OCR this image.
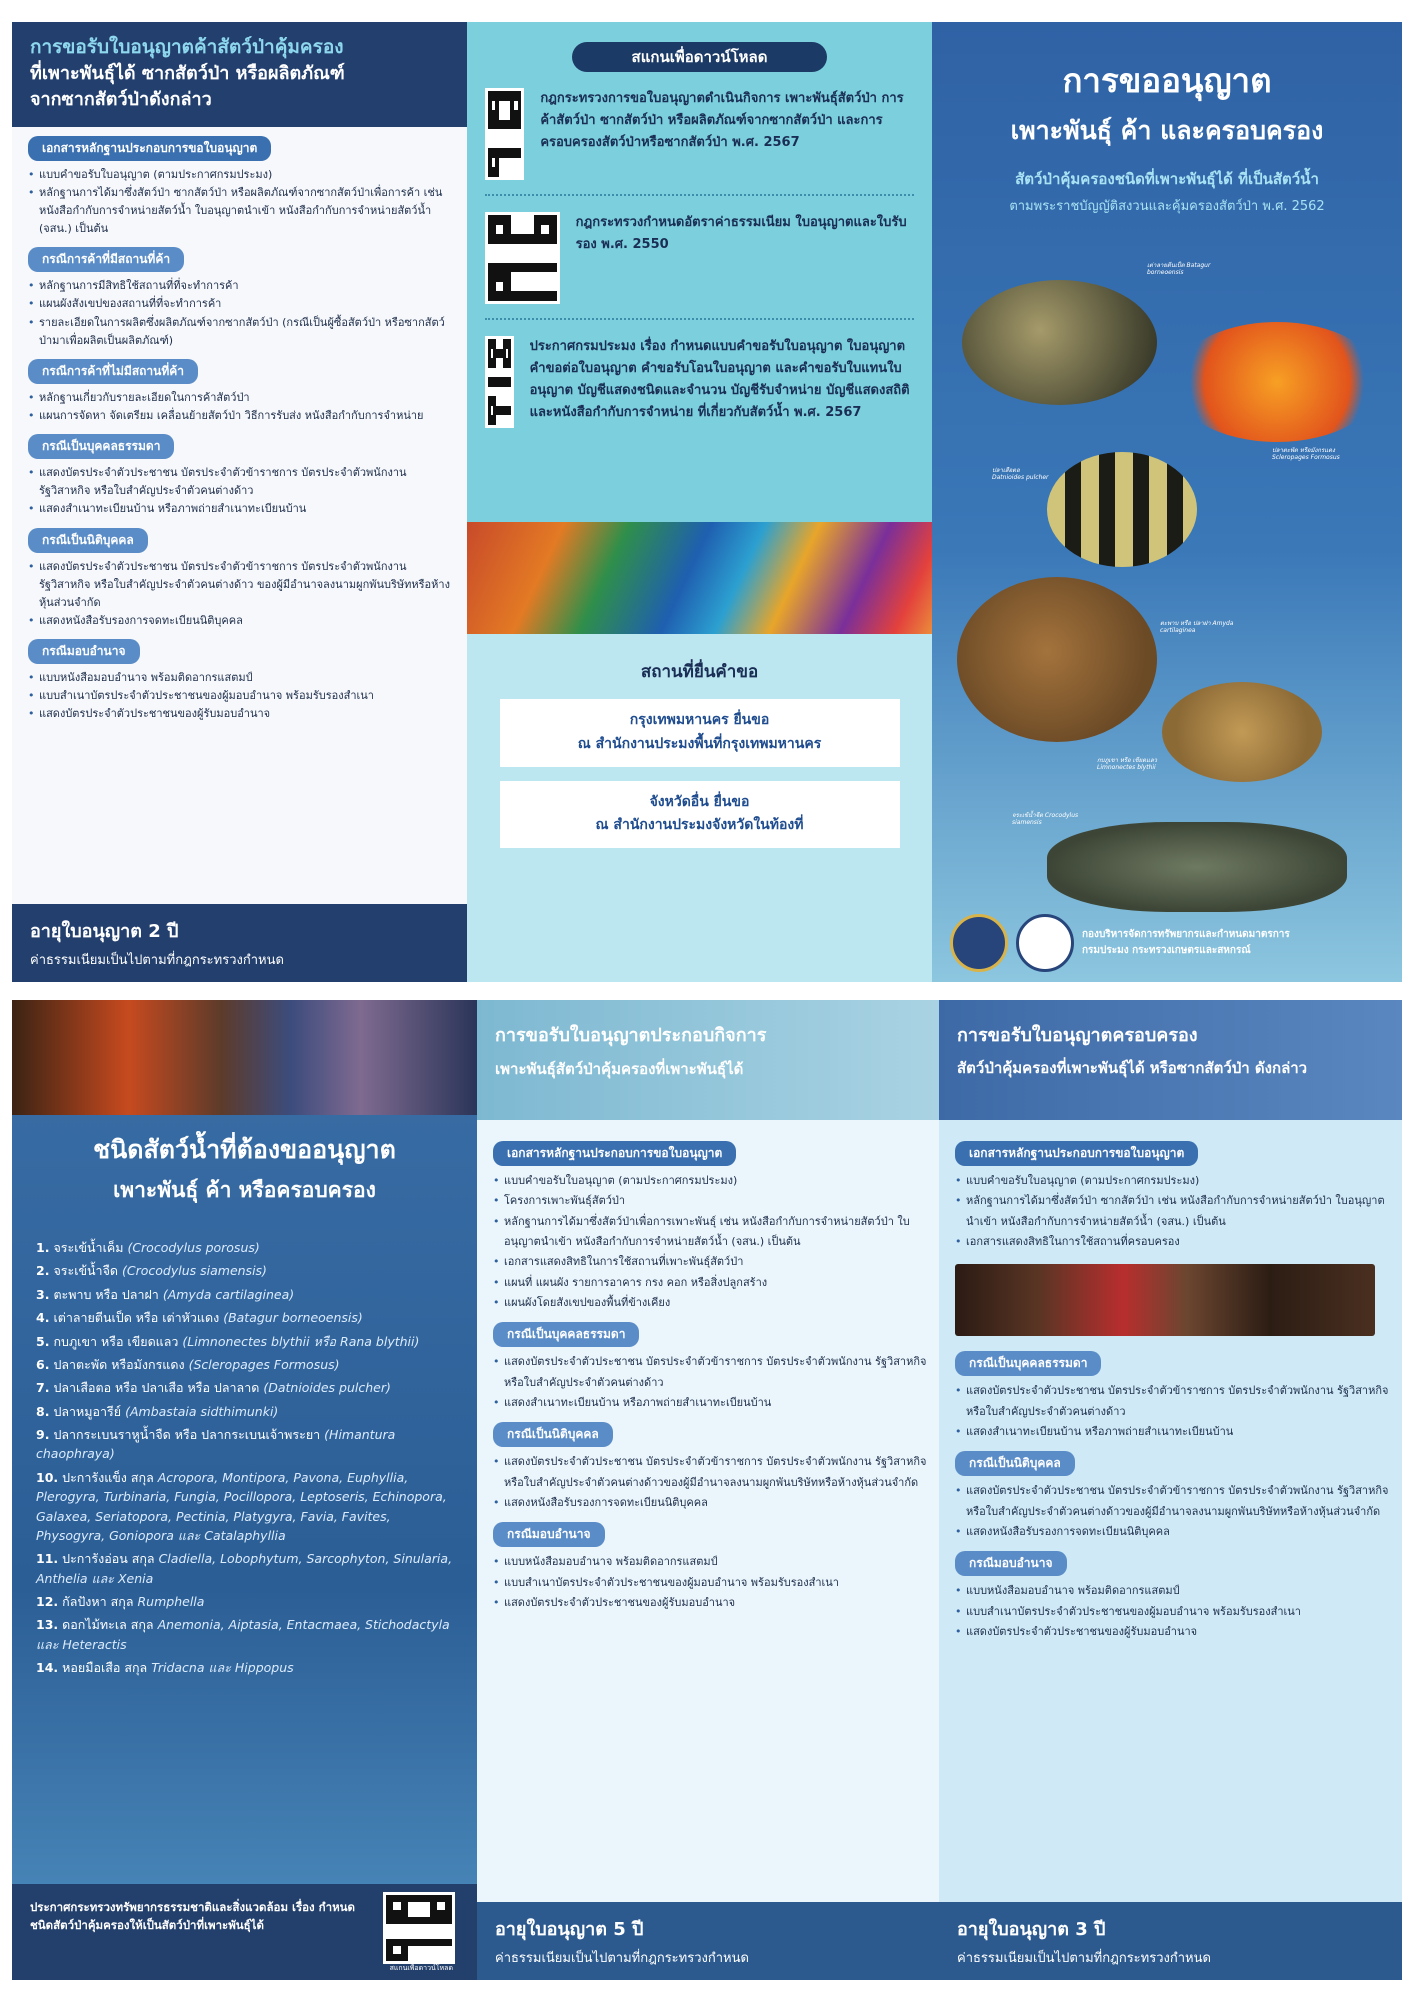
การขอรับใบอนุญาตค้าสัตว์ป่าคุ้มครอง
ที่เพาะพันธุ์ได้ ซากสัตว์ป่า หรือผลิตภัณฑ์
จากซากสัตว์ป่าดังกล่าว
เอกสารหลักฐานประกอบการขอใบอนุญาต
• แบบคำขอรับใบอนุญาต (ตามประกาศกรมประมง)
• หลักฐานการได้มาซึ่งสัตว์ป่า ซากสัตว์ป่า หรือผลิตภัณฑ์จากซากสัตว์ป่าเพื่อการค้า เช่น หนังสือกำกับการจำหน่ายสัตว์น้ำ ใบอนุญาตนำเข้า หนังสือกำกับการจำหน่ายสัตว์น้ำ (จสน.) เป็นต้น
กรณีการค้าที่มีสถานที่ค้า
• หลักฐานการมีสิทธิใช้สถานที่ที่จะทำการค้า
• แผนผังสังเขปของสถานที่ที่จะทำการค้า
• รายละเอียดในการผลิตซึ่งผลิตภัณฑ์จากซากสัตว์ป่า (กรณีเป็นผู้ซื้อสัตว์ป่า หรือซากสัตว์ป่ามาเพื่อผลิตเป็นผลิตภัณฑ์)
กรณีการค้าที่ไม่มีสถานที่ค้า
• หลักฐานเกี่ยวกับรายละเอียดในการค้าสัตว์ป่า
• แผนการจัดหา จัดเตรียม เคลื่อนย้ายสัตว์ป่า วิธีการรับส่ง หนังสือกำกับการจำหน่าย
กรณีเป็นบุคคลธรรมดา
• แสดงบัตรประจำตัวประชาชน บัตรประจำตัวข้าราชการ บัตรประจำตัวพนักงาน รัฐวิสาหกิจ หรือใบสำคัญประจำตัวคนต่างด้าว
• แสดงสำเนาทะเบียนบ้าน หรือภาพถ่ายสำเนาทะเบียนบ้าน
กรณีเป็นนิติบุคคล
• แสดงบัตรประจำตัวประชาชน บัตรประจำตัวข้าราชการ บัตรประจำตัวพนักงาน รัฐวิสาหกิจ หรือใบสำคัญประจำตัวคนต่างด้าว ของผู้มีอำนาจลงนามผูกพันบริษัทหรือห้างหุ้นส่วนจำกัด
• แสดงหนังสือรับรองการจดทะเบียนนิติบุคคล
กรณีมอบอำนาจ
• แบบหนังสือมอบอำนาจ พร้อมติดอากรแสตมป์
• แบบสำเนาบัตรประจำตัวประชาชนของผู้มอบอำนาจ พร้อมรับรองสำเนา
• แสดงบัตรประจำตัวประชาชนของผู้รับมอบอำนาจ
อายุใบอนุญาต 2 ปี
ค่าธรรมเนียมเป็นไปตามที่กฎกระทรวงกำหนด
สแกนเพื่อดาวน์โหลด
กฎกระทรวงการขอใบอนุญาตดำเนินกิจการ เพาะพันธุ์สัตว์ป่า การค้าสัตว์ป่า ซากสัตว์ป่า หรือผลิตภัณฑ์จากซากสัตว์ป่า และการครอบครองสัตว์ป่าหรือซากสัตว์ป่า พ.ศ. 2567
กฎกระทรวงกำหนดอัตราค่าธรรมเนียม ใบอนุญาตและใบรับรอง พ.ศ. 2550
ประกาศกรมประมง เรื่อง กำหนดแบบคำขอรับใบอนุญาต ใบอนุญาตคำขอต่อใบอนุญาต คำขอรับโอนใบอนุญาต และคำขอรับใบแทนใบอนุญาต บัญชีแสดงชนิดและจำนวน บัญชีรับจำหน่าย บัญชีแสดงสถิติ และหนังสือกำกับการจำหน่าย ที่เกี่ยวกับสัตว์น้ำ พ.ศ. 2567
สถานที่ยื่นคำขอ
กรุงเทพมหานคร ยื่นขอ
ณ สำนักงานประมงพื้นที่กรุงเทพมหานคร
จังหวัดอื่น ยื่นขอ
ณ สำนักงานประมงจังหวัดในท้องที่
การขออนุญาต
เพาะพันธุ์ ค้า และครอบครอง
สัตว์ป่าคุ้มครองชนิดที่เพาะพันธุ์ได้ ที่เป็นสัตว์น้ำ
ตามพระราชบัญญัติสงวนและคุ้มครองสัตว์ป่า พ.ศ. 2562
เต่าลายตีนเป็ด Batagur borneoensis
ปลาตะพัด หรือมังกรแดง Scleropages Formosus
ปลาเสือตอ Datnioides pulcher
ตะพาบ หรือ ปลาฝา Amyda cartilaginea
กบภูเขา หรือ เขียดแลว Limnonectes blythii
จระเข้น้ำจืด Crocodylus siamensis
กองบริหารจัดการทรัพยากรและกำหนดมาตรการ
กรมประมง กระทรวงเกษตรและสหกรณ์
ชนิดสัตว์น้ำที่ต้องขออนุญาต
เพาะพันธุ์ ค้า หรือครอบครอง
1. จระเข้น้ำเค็ม (Crocodylus porosus)
2. จระเข้น้ำจืด (Crocodylus siamensis)
3. ตะพาบ หรือ ปลาฝา (Amyda cartilaginea)
4. เต่าลายตีนเป็ด หรือ เต่าหัวแดง (Batagur borneoensis)
5. กบภูเขา หรือ เขียดแลว (Limnonectes blythii หรือ Rana blythii)
6. ปลาตะพัด หรือมังกรแดง (Scleropages Formosus)
7. ปลาเสือตอ หรือ ปลาเสือ หรือ ปลาลาด (Datnioides pulcher)
8. ปลาหมูอารีย์ (Ambastaia sidthimunki)
9. ปลากระเบนราหูน้ำจืด หรือ ปลากระเบนเจ้าพระยา (Himantura chaophraya)
10. ปะการังแข็ง สกุล Acropora, Montipora, Pavona, Euphyllia, Plerogyra, Turbinaria, Fungia, Pocillopora, Leptoseris, Echinopora, Galaxea, Seriatopora, Pectinia, Platygyra, Favia, Favites, Physogyra, Goniopora และ Catalaphyllia
11. ปะการังอ่อน สกุล Cladiella, Lobophytum, Sarcophyton, Sinularia, Anthelia และ Xenia
12. กัลปังหา สกุล Rumphella
13. ดอกไม้ทะเล สกุล Anemonia, Aiptasia, Entacmaea, Stichodactyla และ Heteractis
14. หอยมือเสือ สกุล Tridacna และ Hippopus
ประกาศกระทรวงทรัพยากรธรรมชาติและสิ่งแวดล้อม เรื่อง กำหนดชนิดสัตว์ป่าคุ้มครองให้เป็นสัตว์ป่าที่เพาะพันธุ์ได้
สแกนเพื่อดาวน์โหลด
การขอรับใบอนุญาตประกอบกิจการ
เพาะพันธุ์สัตว์ป่าคุ้มครองที่เพาะพันธุ์ได้
เอกสารหลักฐานประกอบการขอใบอนุญาต
• แบบคำขอรับใบอนุญาต (ตามประกาศกรมประมง)
• โครงการเพาะพันธุ์สัตว์ป่า
• หลักฐานการได้มาซึ่งสัตว์ป่าเพื่อการเพาะพันธุ์ เช่น หนังสือกำกับการจำหน่ายสัตว์ป่า ใบอนุญาตนำเข้า หนังสือกำกับการจำหน่ายสัตว์น้ำ (จสน.) เป็นต้น
• เอกสารแสดงสิทธิในการใช้สถานที่เพาะพันธุ์สัตว์ป่า
• แผนที่ แผนผัง รายการอาคาร กรง คอก หรือสิ่งปลูกสร้าง
• แผนผังโดยสังเขปของพื้นที่ข้างเคียง
กรณีเป็นบุคคลธรรมดา
• แสดงบัตรประจำตัวประชาชน บัตรประจำตัวข้าราชการ บัตรประจำตัวพนักงาน รัฐวิสาหกิจ หรือใบสำคัญประจำตัวคนต่างด้าว
• แสดงสำเนาทะเบียนบ้าน หรือภาพถ่ายสำเนาทะเบียนบ้าน
กรณีเป็นนิติบุคคล
• แสดงบัตรประจำตัวประชาชน บัตรประจำตัวข้าราชการ บัตรประจำตัวพนักงาน รัฐวิสาหกิจ หรือใบสำคัญประจำตัวคนต่างด้าวของผู้มีอำนาจลงนามผูกพันบริษัทหรือห้างหุ้นส่วนจำกัด
• แสดงหนังสือรับรองการจดทะเบียนนิติบุคคล
กรณีมอบอำนาจ
• แบบหนังสือมอบอำนาจ พร้อมติดอากรแสตมป์
• แบบสำเนาบัตรประจำตัวประชาชนของผู้มอบอำนาจ พร้อมรับรองสำเนา
• แสดงบัตรประจำตัวประชาชนของผู้รับมอบอำนาจ
อายุใบอนุญาต 5 ปี
ค่าธรรมเนียมเป็นไปตามที่กฎกระทรวงกำหนด
การขอรับใบอนุญาตครอบครอง
สัตว์ป่าคุ้มครองที่เพาะพันธุ์ได้ หรือซากสัตว์ป่า ดังกล่าว
เอกสารหลักฐานประกอบการขอใบอนุญาต
• แบบคำขอรับใบอนุญาต (ตามประกาศกรมประมง)
• หลักฐานการได้มาซึ่งสัตว์ป่า ซากสัตว์ป่า เช่น หนังสือกำกับการจำหน่ายสัตว์ป่า ใบอนุญาตนำเข้า หนังสือกำกับการจำหน่ายสัตว์น้ำ (จสน.) เป็นต้น
• เอกสารแสดงสิทธิในการใช้สถานที่ครอบครอง
กรณีเป็นบุคคลธรรมดา
• แสดงบัตรประจำตัวประชาชน บัตรประจำตัวข้าราชการ บัตรประจำตัวพนักงาน รัฐวิสาหกิจ หรือใบสำคัญประจำตัวคนต่างด้าว
• แสดงสำเนาทะเบียนบ้าน หรือภาพถ่ายสำเนาทะเบียนบ้าน
กรณีเป็นนิติบุคคล
• แสดงบัตรประจำตัวประชาชน บัตรประจำตัวข้าราชการ บัตรประจำตัวพนักงาน รัฐวิสาหกิจ หรือใบสำคัญประจำตัวคนต่างด้าวของผู้มีอำนาจลงนามผูกพันบริษัทหรือห้างหุ้นส่วนจำกัด
• แสดงหนังสือรับรองการจดทะเบียนนิติบุคคล
กรณีมอบอำนาจ
• แบบหนังสือมอบอำนาจ พร้อมติดอากรแสตมป์
• แบบสำเนาบัตรประจำตัวประชาชนของผู้มอบอำนาจ พร้อมรับรองสำเนา
• แสดงบัตรประจำตัวประชาชนของผู้รับมอบอำนาจ
อายุใบอนุญาต 3 ปี
ค่าธรรมเนียมเป็นไปตามที่กฎกระทรวงกำหนด
